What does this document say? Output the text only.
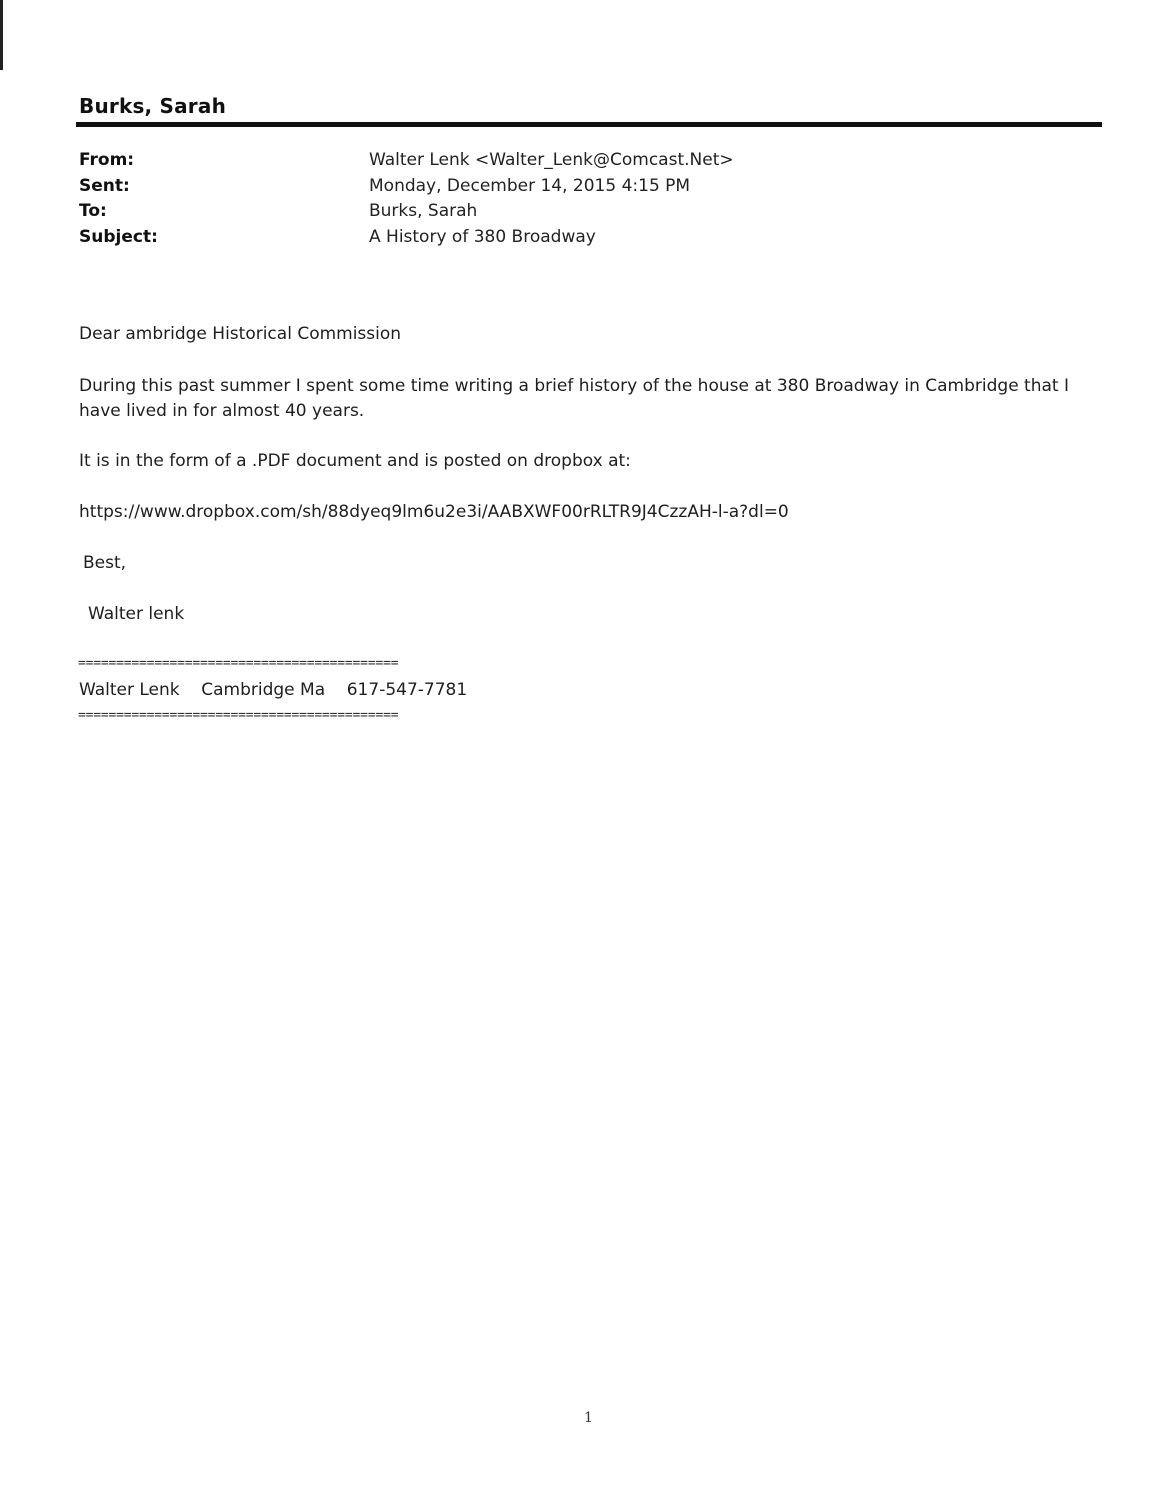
Burks, Sarah
From:	Walter Lenk <Walter_Lenk@Comcast.Net>
Sent:	Monday, December 14, 2015 4:15 PM
To:	Burks, Sarah
Subject:	A History of 380 Broadway
Dear ambridge Historical Commission
During this past summer I spent some time writing a brief history of the house at 380 Broadway in Cambridge that I have lived in for almost 40 years.
It is in the form of a .PDF document and is posted on dropbox at:
https://www.dropbox.com/sh/88dyeq9lm6u2e3i/AABXWF00rRLTR9J4CzzAH-l-a?dl=0
Best,
Walter lenk
==========================================
Walter Lenk    Cambridge Ma    617-547-7781
==========================================
1
